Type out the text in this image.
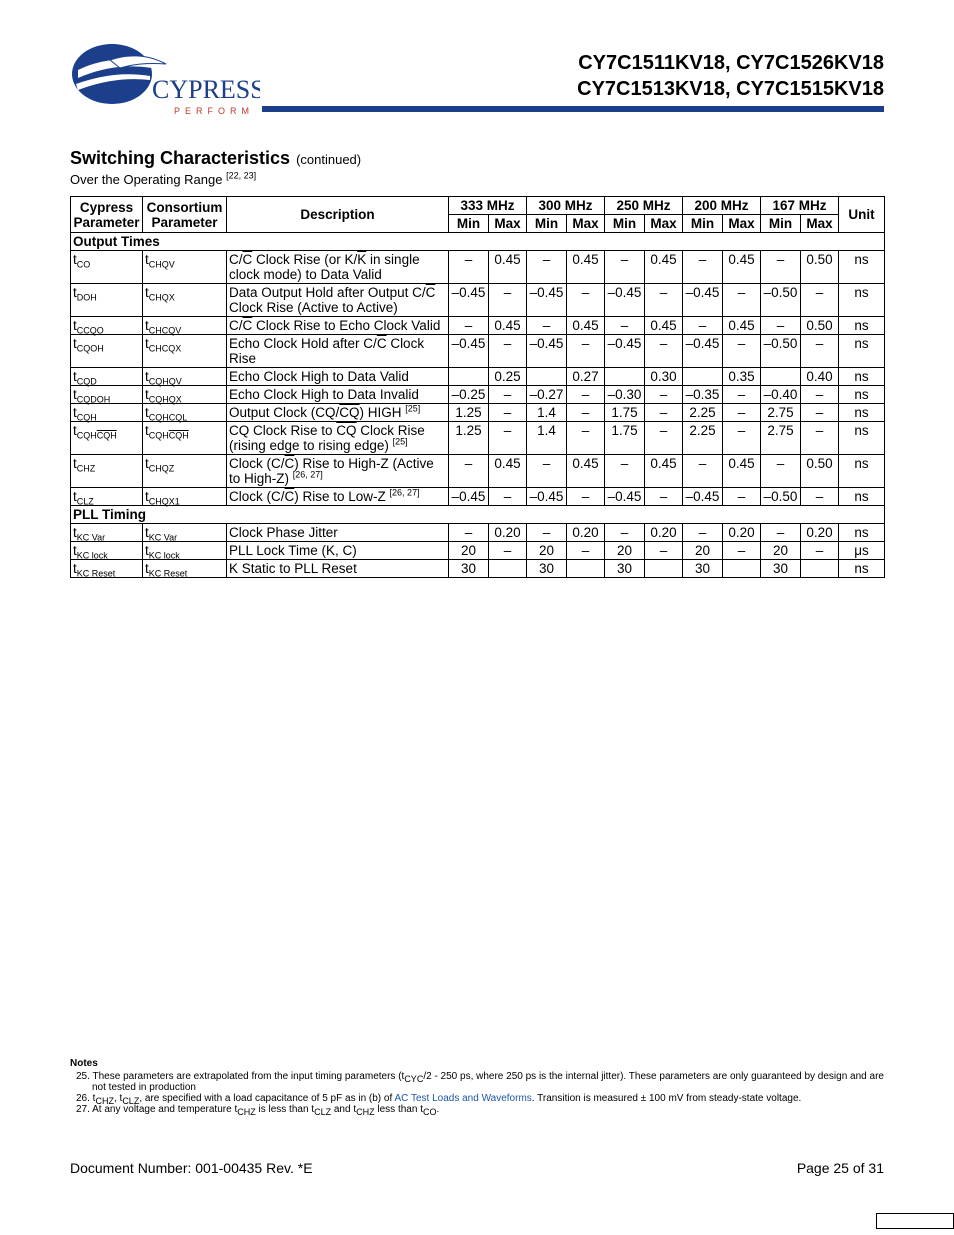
CYPRESS
PERFORM
CY7C1511KV18, CY7C1526KV18
CY7C1513KV18, CY7C1515KV18
Switching Characteristics (continued)
Over the Operating Range [22, 23]
Cypress Parameter	Consortium Parameter	Description	333 MHz		300 MHz		250 MHz		200 MHz		167 MHz		Unit
			Min	Max	Min	Max	Min	Max	Min	Max	Min	Max	
Output Times													
$t_{CO}$	$t_{CHQV}$	$C/\overline{C}$ Clock Rise (or $K/\overline{K}$ in single clock mode) to Data Valid	–	0.45	–	0.45	–	0.45	–	0.45	–	0.50	ns
$t_{DOH}$	$t_{CHQX}$	Data Output Hold after Output $C/\overline{C}$ Clock Rise (Active to Active)	–0.45	–	–0.45	–	–0.45	–	–0.45	–	–0.50	–	ns
$t_{CCQO}$	$t_{CHCQV}$	$C/\overline{C}$ Clock Rise to Echo Clock Valid	–	0.45	–	0.45	–	0.45	–	0.45	–	0.50	ns
$t_{CQOH}$	$t_{CHCQX}$	Echo Clock Hold after $C/\overline{C}$ Clock Rise	–0.45	–	–0.45	–	–0.45	–	–0.45	–	–0.50	–	ns
$t_{CQD}$	$t_{CQHQV}$	Echo Clock High to Data Valid		0.25		0.27		0.30		0.35		0.40	ns
$t_{CQDOH}$	$t_{CQHQX}$	Echo Clock High to Data Invalid	–0.25	–	–0.27	–	–0.30	–	–0.35	–	–0.40	–	ns
$t_{CQH}$	$t_{CQHCQL}$	Output Clock $(CQ/\overline{CQ})$ HIGH [25]	1.25	–	1.4	–	1.75	–	2.25	–	2.75	–	ns
$t_{CQH\overline{CQH}}$	$t_{CQH\overline{CQH}}$	CQ Clock Rise to $\overline{CQ}$ Clock Rise (rising edge to rising edge) [25]	1.25	–	1.4	–	1.75	–	2.25	–	2.75	–	ns
$t_{CHZ}$	$t_{CHQZ}$	Clock $(C/\overline{C})$ Rise to High-Z (Active to High-Z) [26, 27]	–	0.45	–	0.45	–	0.45	–	0.45	–	0.50	ns
$t_{CLZ}$	$t_{CHQX1}$	Clock $(C/\overline{C})$ Rise to Low-Z [26, 27]	–0.45	–	–0.45	–	–0.45	–	–0.45	–	–0.50	–	ns
PLL Timing													
$t_{KC Var}$	$t_{KC Var}$	Clock Phase Jitter	–	0.20	–	0.20	–	0.20	–	0.20	–	0.20	ns
$t_{KC lock}$	$t_{KC lock}$	PLL Lock Time (K, C)	20	–	20	–	20	–	20	–	20	–	μs
$t_{KC Reset}$	$t_{KC Reset}$	K Static to PLL Reset	30		30		30		30		30		ns
Notes
25. These parameters are extrapolated from the input timing parameters ($t_{CYC}/2 - 250$ ps, where 250 ps is the internal jitter). These parameters are only guaranteed by design and are not tested in production
26. $t_{CHZ}$, $t_{CLZ}$, are specified with a load capacitance of 5 pF as in (b) of AC Test Loads and Waveforms. Transition is measured ± 100 mV from steady-state voltage.
27. At any voltage and temperature $t_{CHZ}$ is less than $t_{CLZ}$ and $t_{CHZ}$ less than $t_{CO}$.
Document Number: 001-00435 Rev. *E	Page 25 of 31
